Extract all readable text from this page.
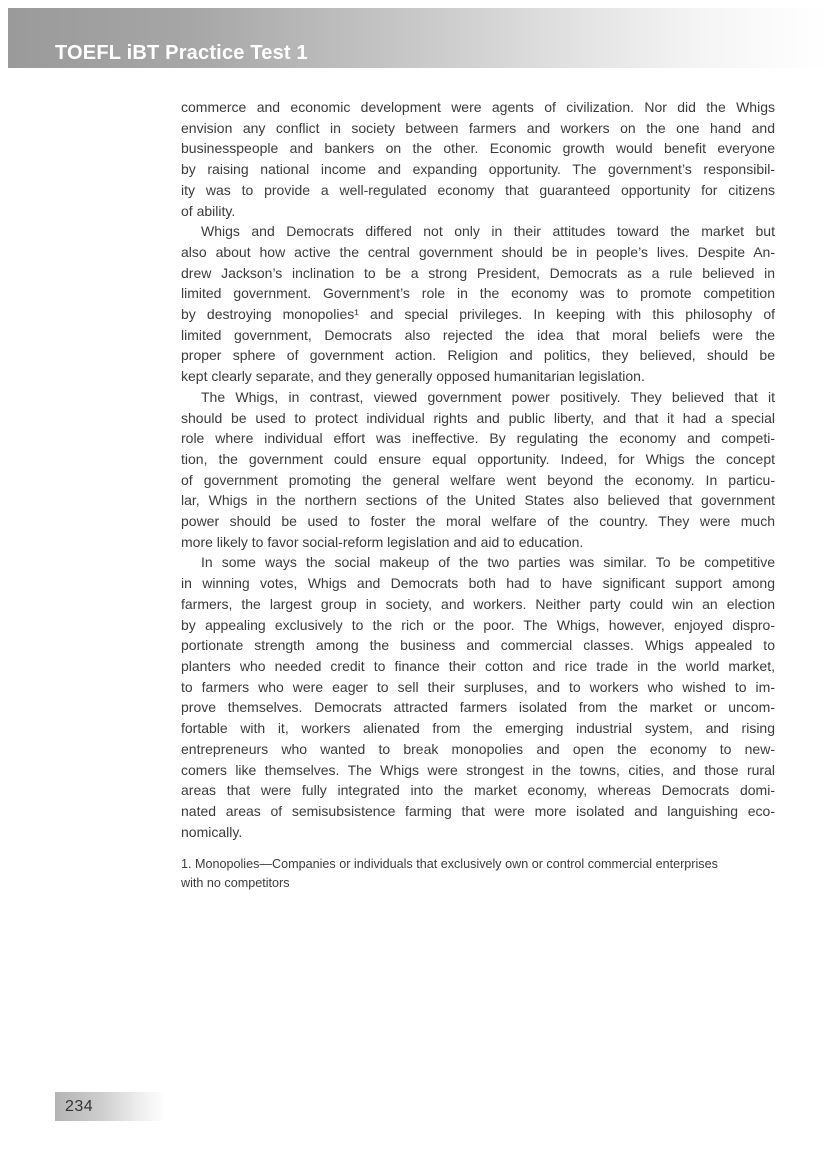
TOEFL iBT Practice Test 1
commerce and economic development were agents of civilization. Nor did the Whigs
envision any conflict in society between farmers and workers on the one hand and
businesspeople and bankers on the other. Economic growth would benefit everyone
by raising national income and expanding opportunity. The government’s responsibil-
ity was to provide a well-regulated economy that guaranteed opportunity for citizens
of ability.
Whigs and Democrats differed not only in their attitudes toward the market but
also about how active the central government should be in people’s lives. Despite An-
drew Jackson’s inclination to be a strong President, Democrats as a rule believed in
limited government. Government’s role in the economy was to promote competition
by destroying monopolies¹ and special privileges. In keeping with this philosophy of
limited government, Democrats also rejected the idea that moral beliefs were the
proper sphere of government action. Religion and politics, they believed, should be
kept clearly separate, and they generally opposed humanitarian legislation.
The Whigs, in contrast, viewed government power positively. They believed that it
should be used to protect individual rights and public liberty, and that it had a special
role where individual effort was ineffective. By regulating the economy and competi-
tion, the government could ensure equal opportunity. Indeed, for Whigs the concept
of government promoting the general welfare went beyond the economy. In particu-
lar, Whigs in the northern sections of the United States also believed that government
power should be used to foster the moral welfare of the country. They were much
more likely to favor social-reform legislation and aid to education.
In some ways the social makeup of the two parties was similar. To be competitive
in winning votes, Whigs and Democrats both had to have significant support among
farmers, the largest group in society, and workers. Neither party could win an election
by appealing exclusively to the rich or the poor. The Whigs, however, enjoyed dispro-
portionate strength among the business and commercial classes. Whigs appealed to
planters who needed credit to finance their cotton and rice trade in the world market,
to farmers who were eager to sell their surpluses, and to workers who wished to im-
prove themselves. Democrats attracted farmers isolated from the market or uncom-
fortable with it, workers alienated from the emerging industrial system, and rising
entrepreneurs who wanted to break monopolies and open the economy to new-
comers like themselves. The Whigs were strongest in the towns, cities, and those rural
areas that were fully integrated into the market economy, whereas Democrats domi-
nated areas of semisubsistence farming that were more isolated and languishing eco-
nomically.
1. Monopolies—Companies or individuals that exclusively own or control commercial enterprises
with no competitors
234
